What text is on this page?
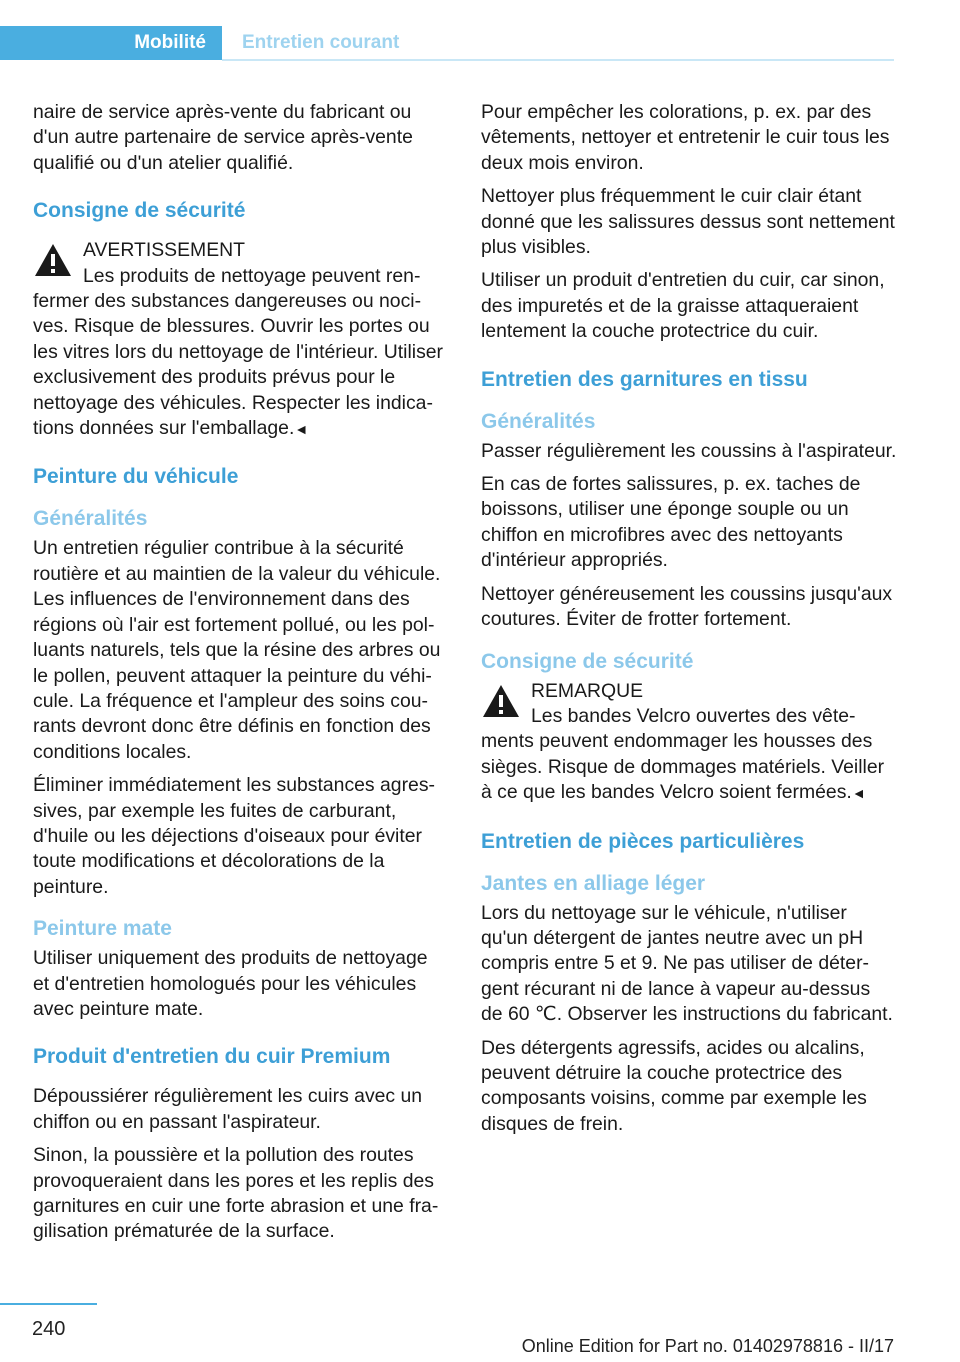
Mobilité Entretien courant

naire de service après-vente du fabricant ou d'un autre partenaire de service après-vente qualifié ou d'un atelier qualifié.

Consigne de sécurité
AVERTISSEMENT
Les produits de nettoyage peuvent renfermer des substances dangereuses ou nocives. Risque de blessures. Ouvrir les portes ou les vitres lors du nettoyage de l'intérieur. Utiliser exclusivement des produits prévus pour le nettoyage des véhicules. Respecter les indications données sur l'emballage.◄
Peinture du véhicule
Généralités

Un entretien régulier contribue à la sécurité routière et au maintien de la valeur du véhicule. Les influences de l'environnement dans des régions où l'air est fortement pollué, ou les polluants naturels, tels que la résine des arbres ou le pollen, peuvent attaquer la peinture du véhicule. La fréquence et l'ampleur des soins courants devront donc être définis en fonction des conditions locales.

Éliminer immédiatement les substances agressives, par exemple les fuites de carburant, d'huile ou les déjections d'oiseaux pour éviter toute modifications et décolorations de la peinture.

Peinture mate

Utiliser uniquement des produits de nettoyage et d'entretien homologués pour les véhicules avec peinture mate.

Produit d'entretien du cuir Premium

Dépoussiérer régulièrement les cuirs avec un chiffon ou en passant l'aspirateur.

Sinon, la poussière et la pollution des routes provoqueraient dans les pores et les replis des garnitures en cuir une forte abrasion et une fragilisation prématurée de la surface.

Pour empêcher les colorations, p. ex. par des vêtements, nettoyer et entretenir le cuir tous les deux mois environ.

Nettoyer plus fréquemment le cuir clair étant donné que les salissures dessus sont nettement plus visibles.

Utiliser un produit d'entretien du cuir, car sinon, des impuretés et de la graisse attaqueraient lentement la couche protectrice du cuir.

Entretien des garnitures en tissu
Généralités

Passer régulièrement les coussins à l'aspirateur.

En cas de fortes salissures, p. ex. taches de boissons, utiliser une éponge souple ou un chiffon en microfibres avec des nettoyants d'intérieur appropriés.

Nettoyer généreusement les coussins jusqu'aux coutures. Éviter de frotter fortement.

Consigne de sécurité
REMARQUE
Les bandes Velcro ouvertes des vêtements peuvent endommager les housses des sièges. Risque de dommages matériels. Veiller à ce que les bandes Velcro soient fermées.◄
Entretien de pièces particulières
Jantes en alliage léger

Lors du nettoyage sur le véhicule, n'utiliser qu'un détergent de jantes neutre avec un pH compris entre 5 et 9. Ne pas utiliser de détergent récurant ni de lance à vapeur au-dessus de 60 ℃. Observer les instructions du fabricant.

Des détergents agressifs, acides ou alcalins, peuvent détruire la couche protectrice des composants voisins, comme par exemple les disques de frein.

240
Online Edition for Part no. 01402978816 - II/17
